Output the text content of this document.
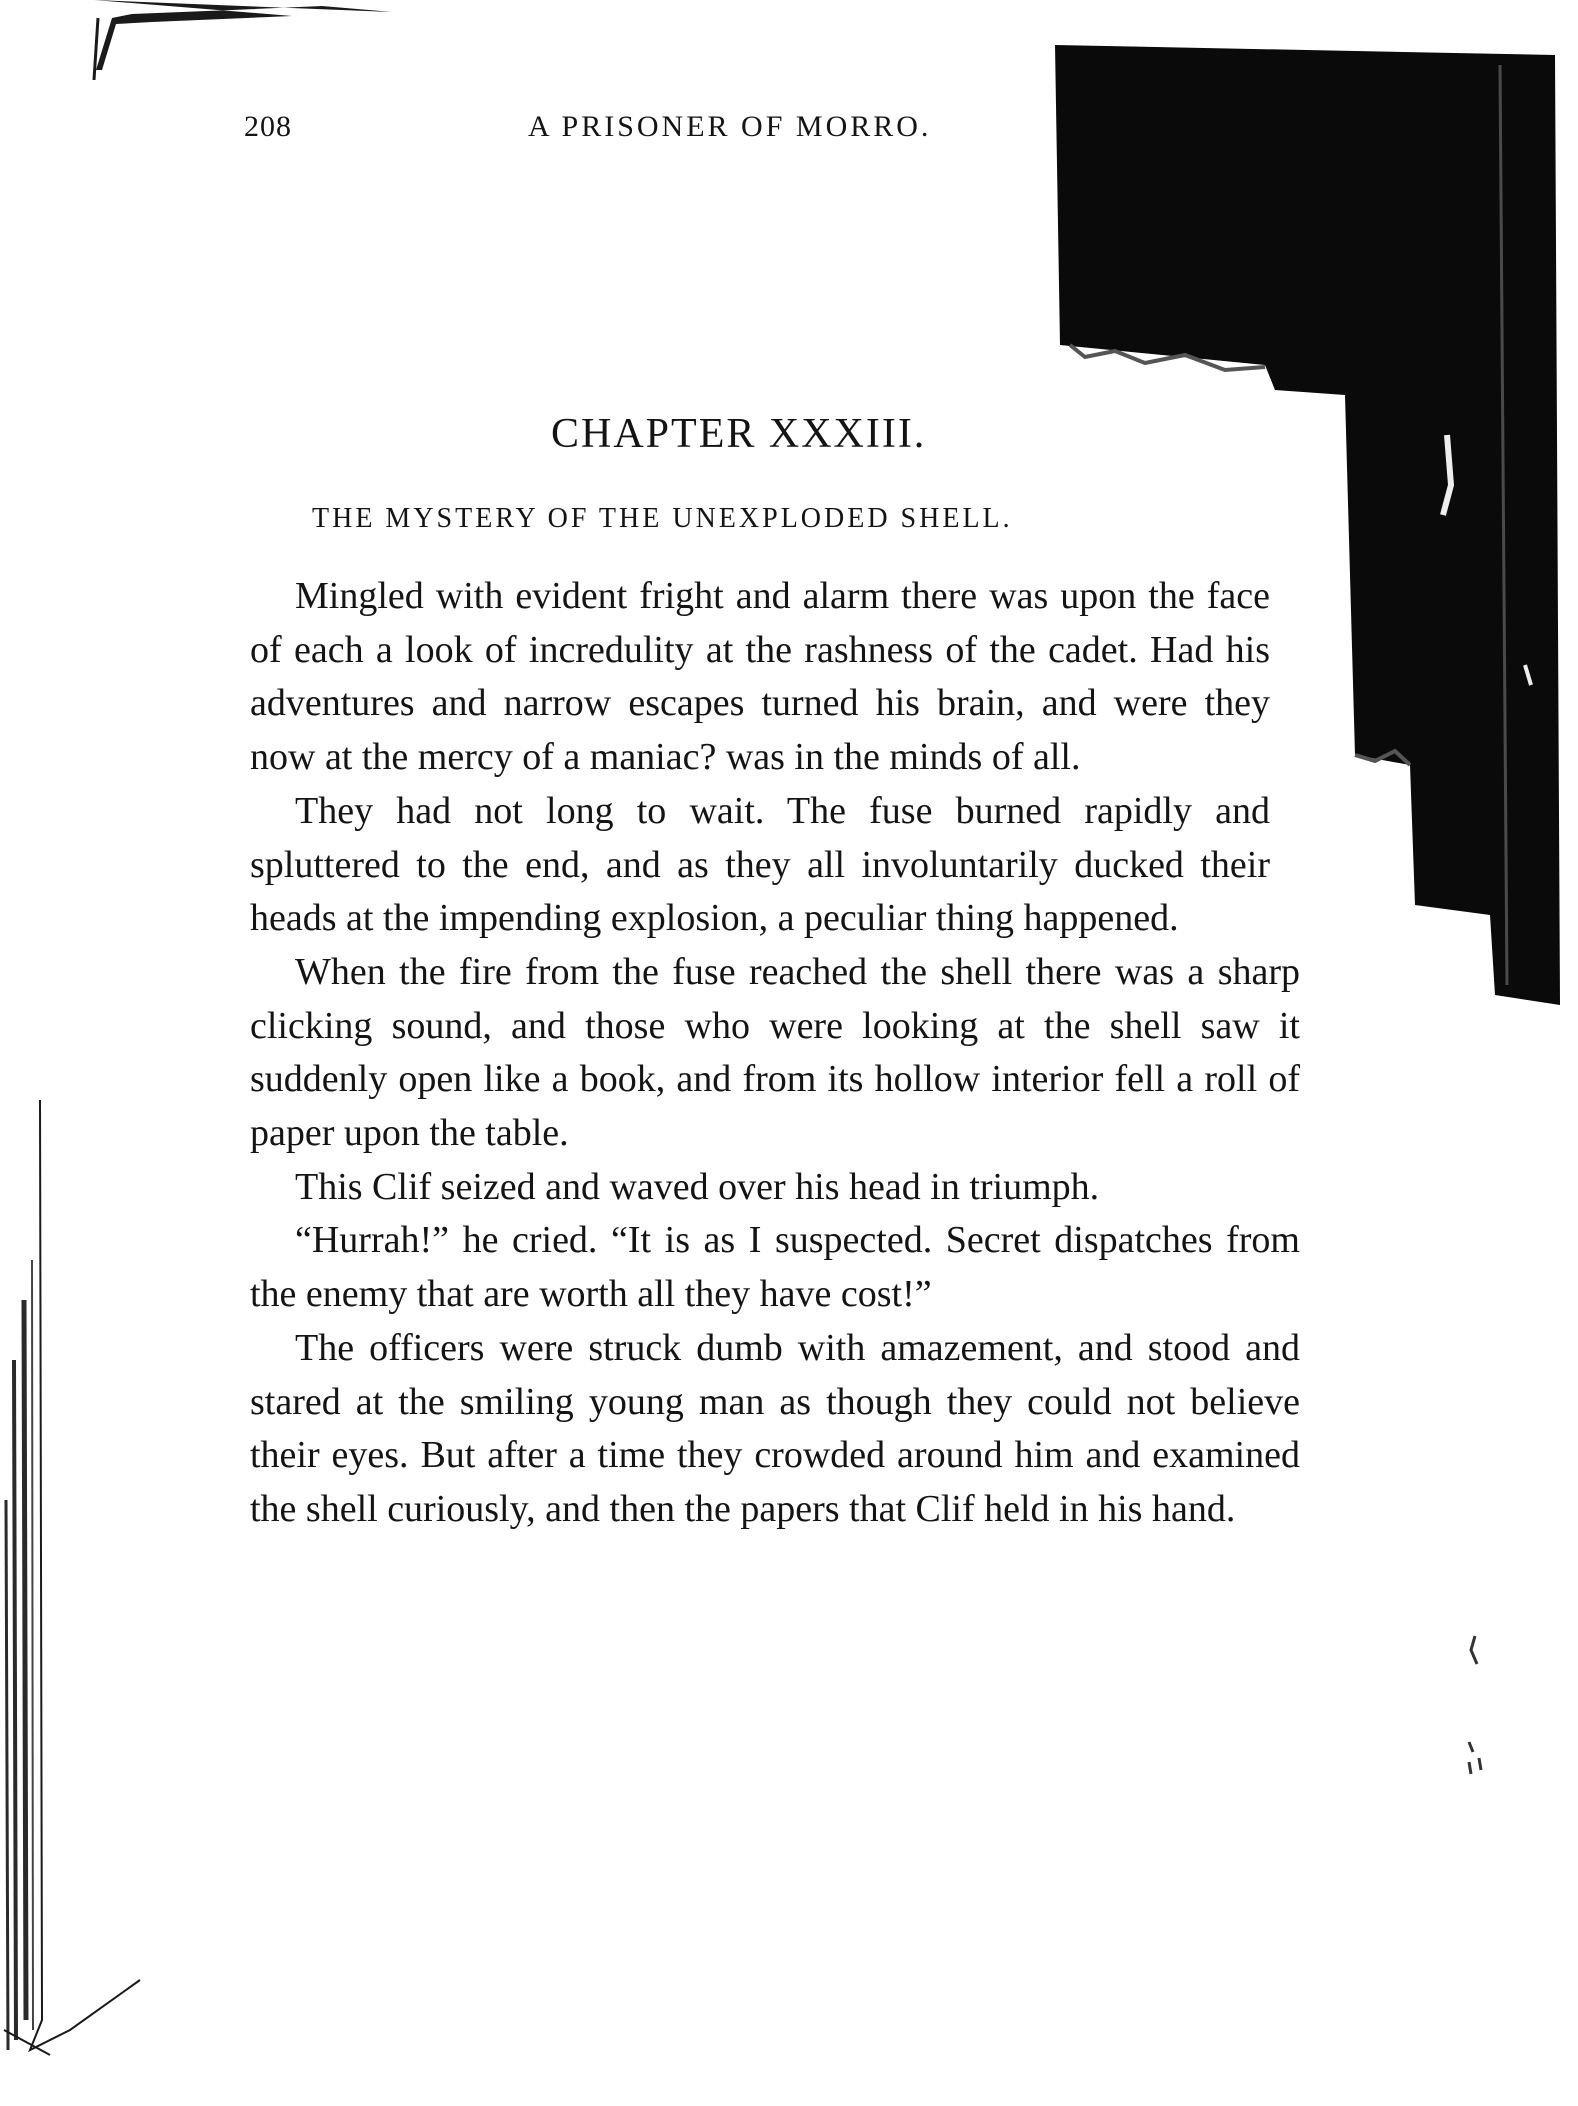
208	A PRISONER OF MORRO.
CHAPTER XXXIII.
THE MYSTERY OF THE UNEXPLODED SHELL.

Mingled with evident fright and alarm there was upon the face of each a look of incredulity at the rashness of the cadet. Had his adventures and narrow escapes turned his brain, and were they now at the mercy of a maniac? was in the minds of all.

They had not long to wait. The fuse burned rapidly and spluttered to the end, and as they all involuntarily ducked their heads at the impending explosion, a peculiar thing happened.

When the fire from the fuse reached the shell there was a sharp clicking sound, and those who were looking at the shell saw it suddenly open like a book, and from its hollow interior fell a roll of paper upon the table.

This Clif seized and waved over his head in triumph.

“Hurrah!” he cried. “It is as I suspected. Secret dispatches from the enemy that are worth all they have cost!”

The officers were struck dumb with amazement, and stood and stared at the smiling young man as though they could not believe their eyes. But after a time they crowded around him and examined the shell curiously, and then the papers that Clif held in his hand.
